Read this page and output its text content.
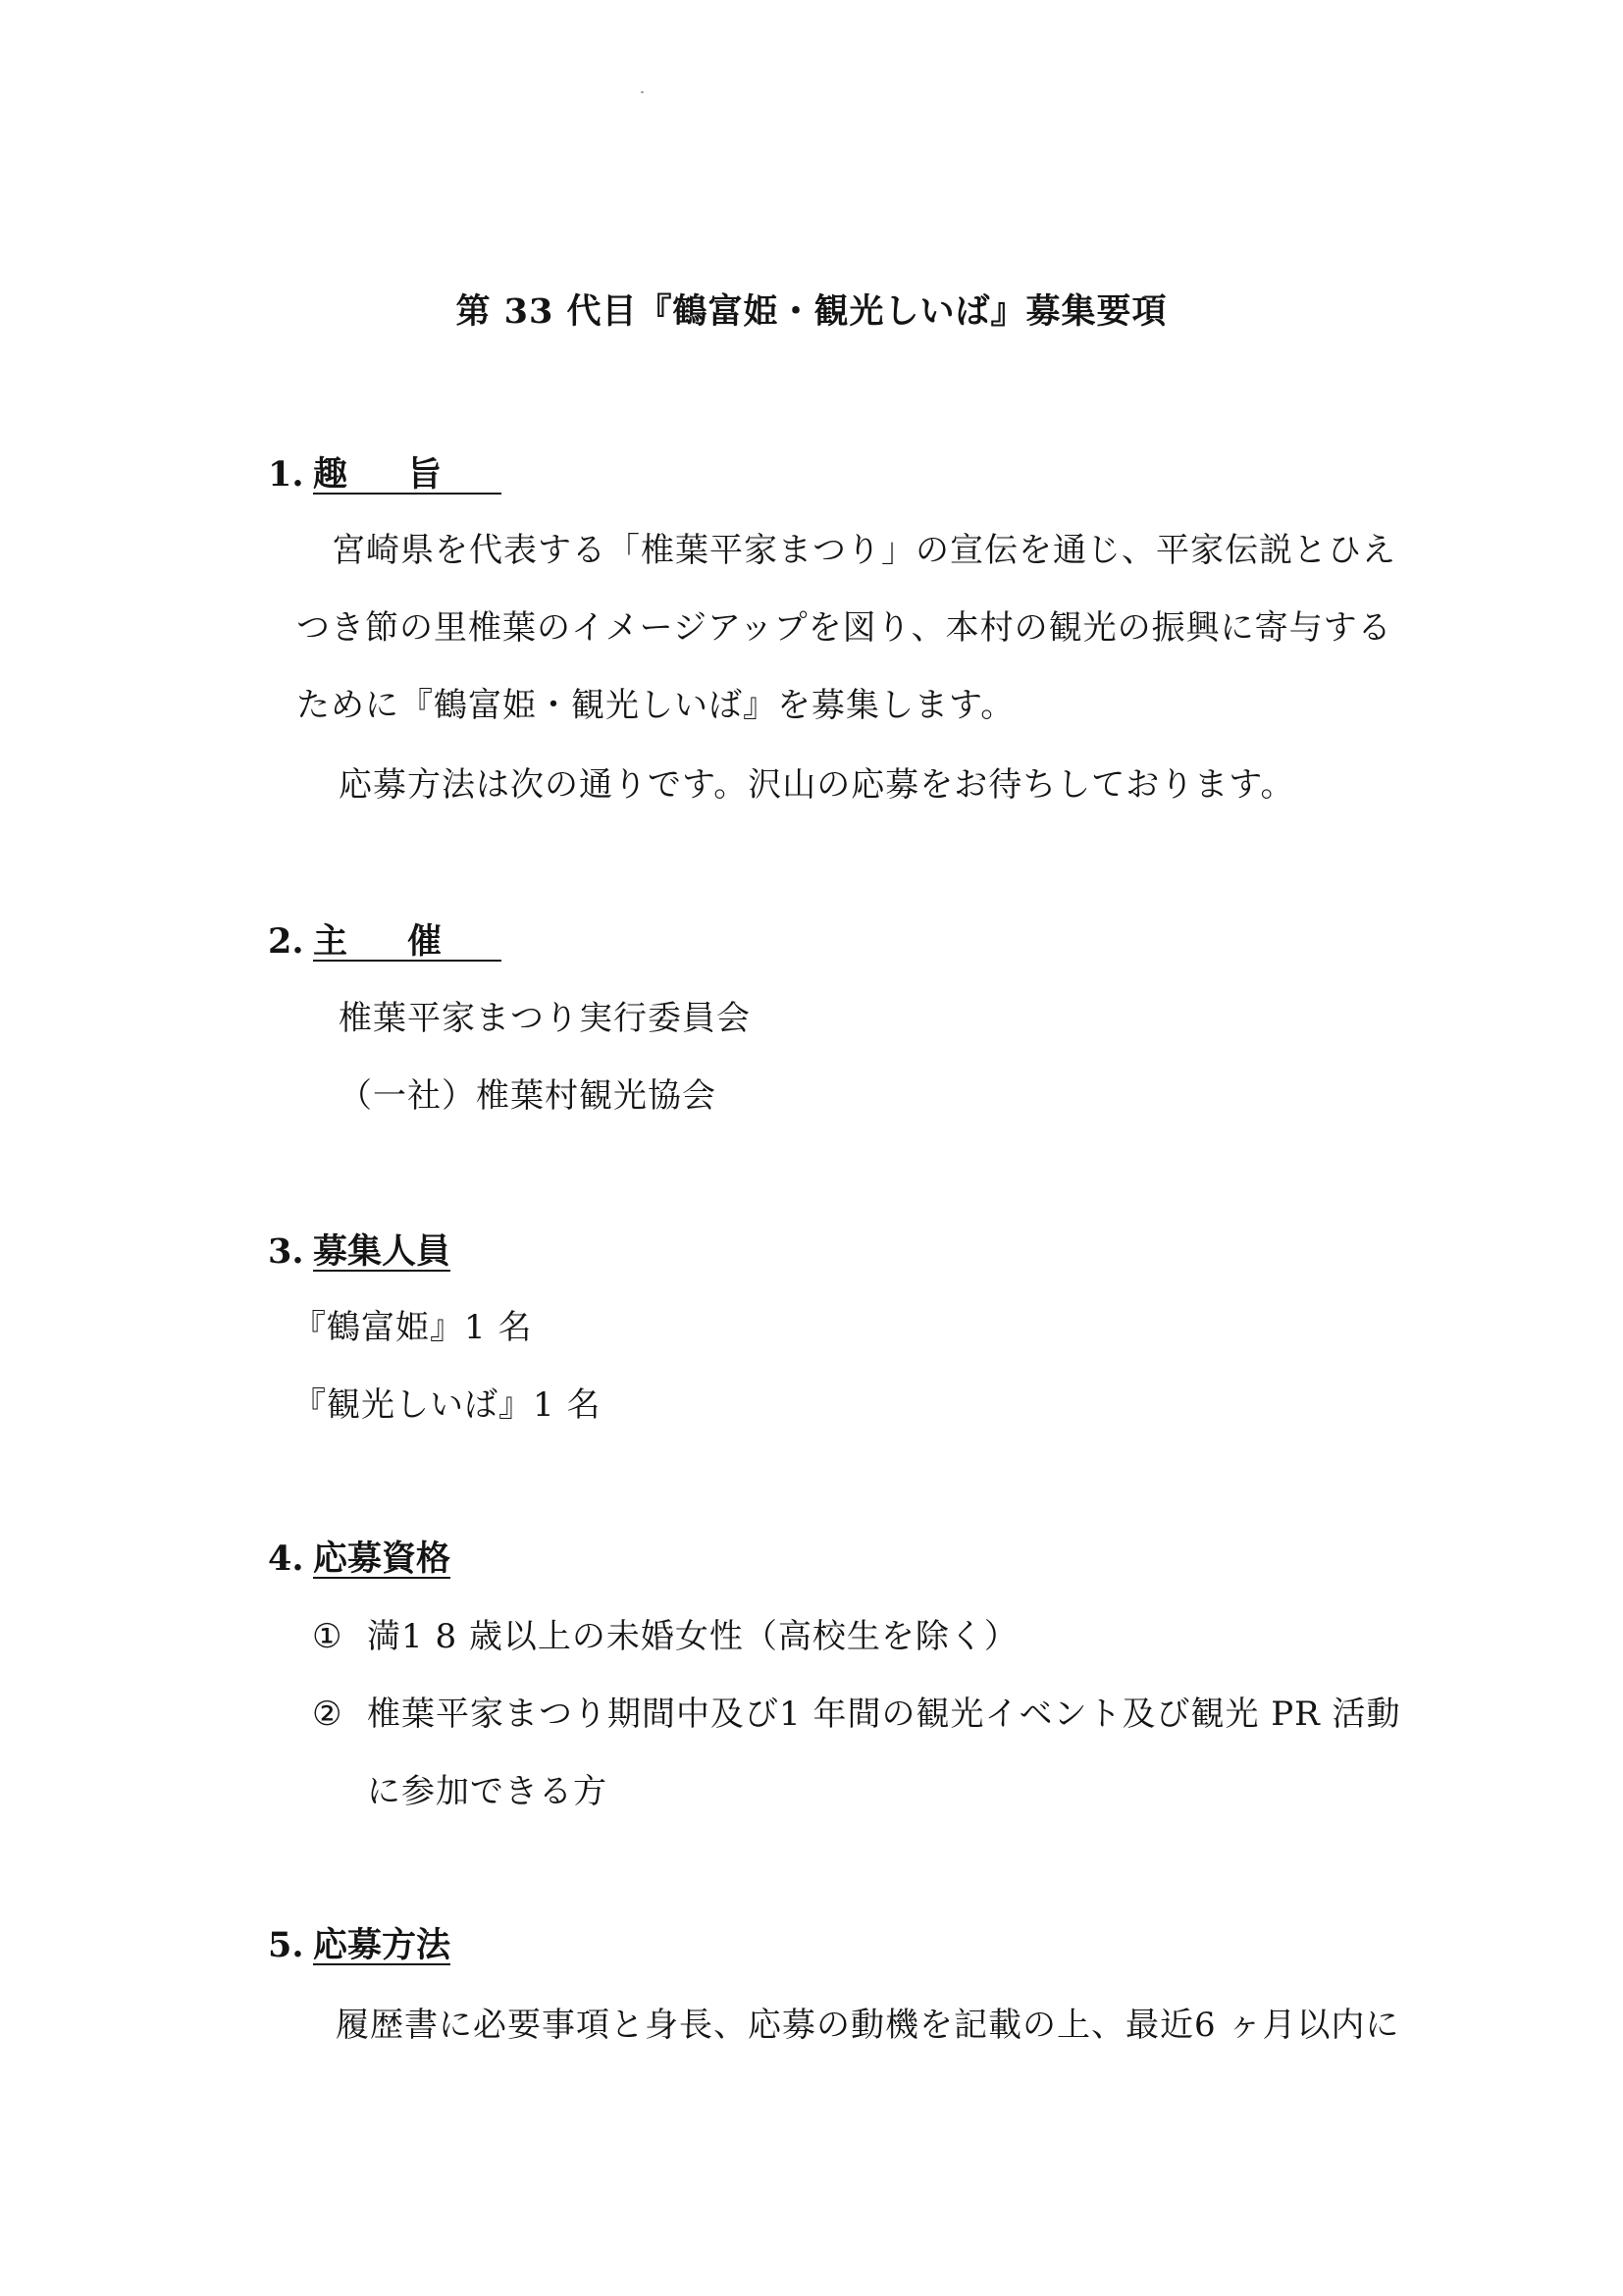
第 33 代目『鶴富姫・観光しいば』募集要項
1. 趣旨
宮崎県を代表する「椎葉平家まつり」の宣伝を通じ、平家伝説とひえ
つき節の里椎葉のイメージアップを図り、本村の観光の振興に寄与する
ために『鶴富姫・観光しいば』を募集します。
応募方法は次の通りです。沢山の応募をお待ちしております。
2. 主催
椎葉平家まつり実行委員会
（一社）椎葉村観光協会
3. 募集人員
『鶴富姫』1 名
『観光しいば』1 名
4. 応募資格
① 満1 8 歳以上の未婚女性（高校生を除く）
② 椎葉平家まつり期間中及び1 年間の観光イベント及び観光 PR 活動
に参加できる方
5. 応募方法
履歴書に必要事項と身長、応募の動機を記載の上、最近6 ヶ月以内に
